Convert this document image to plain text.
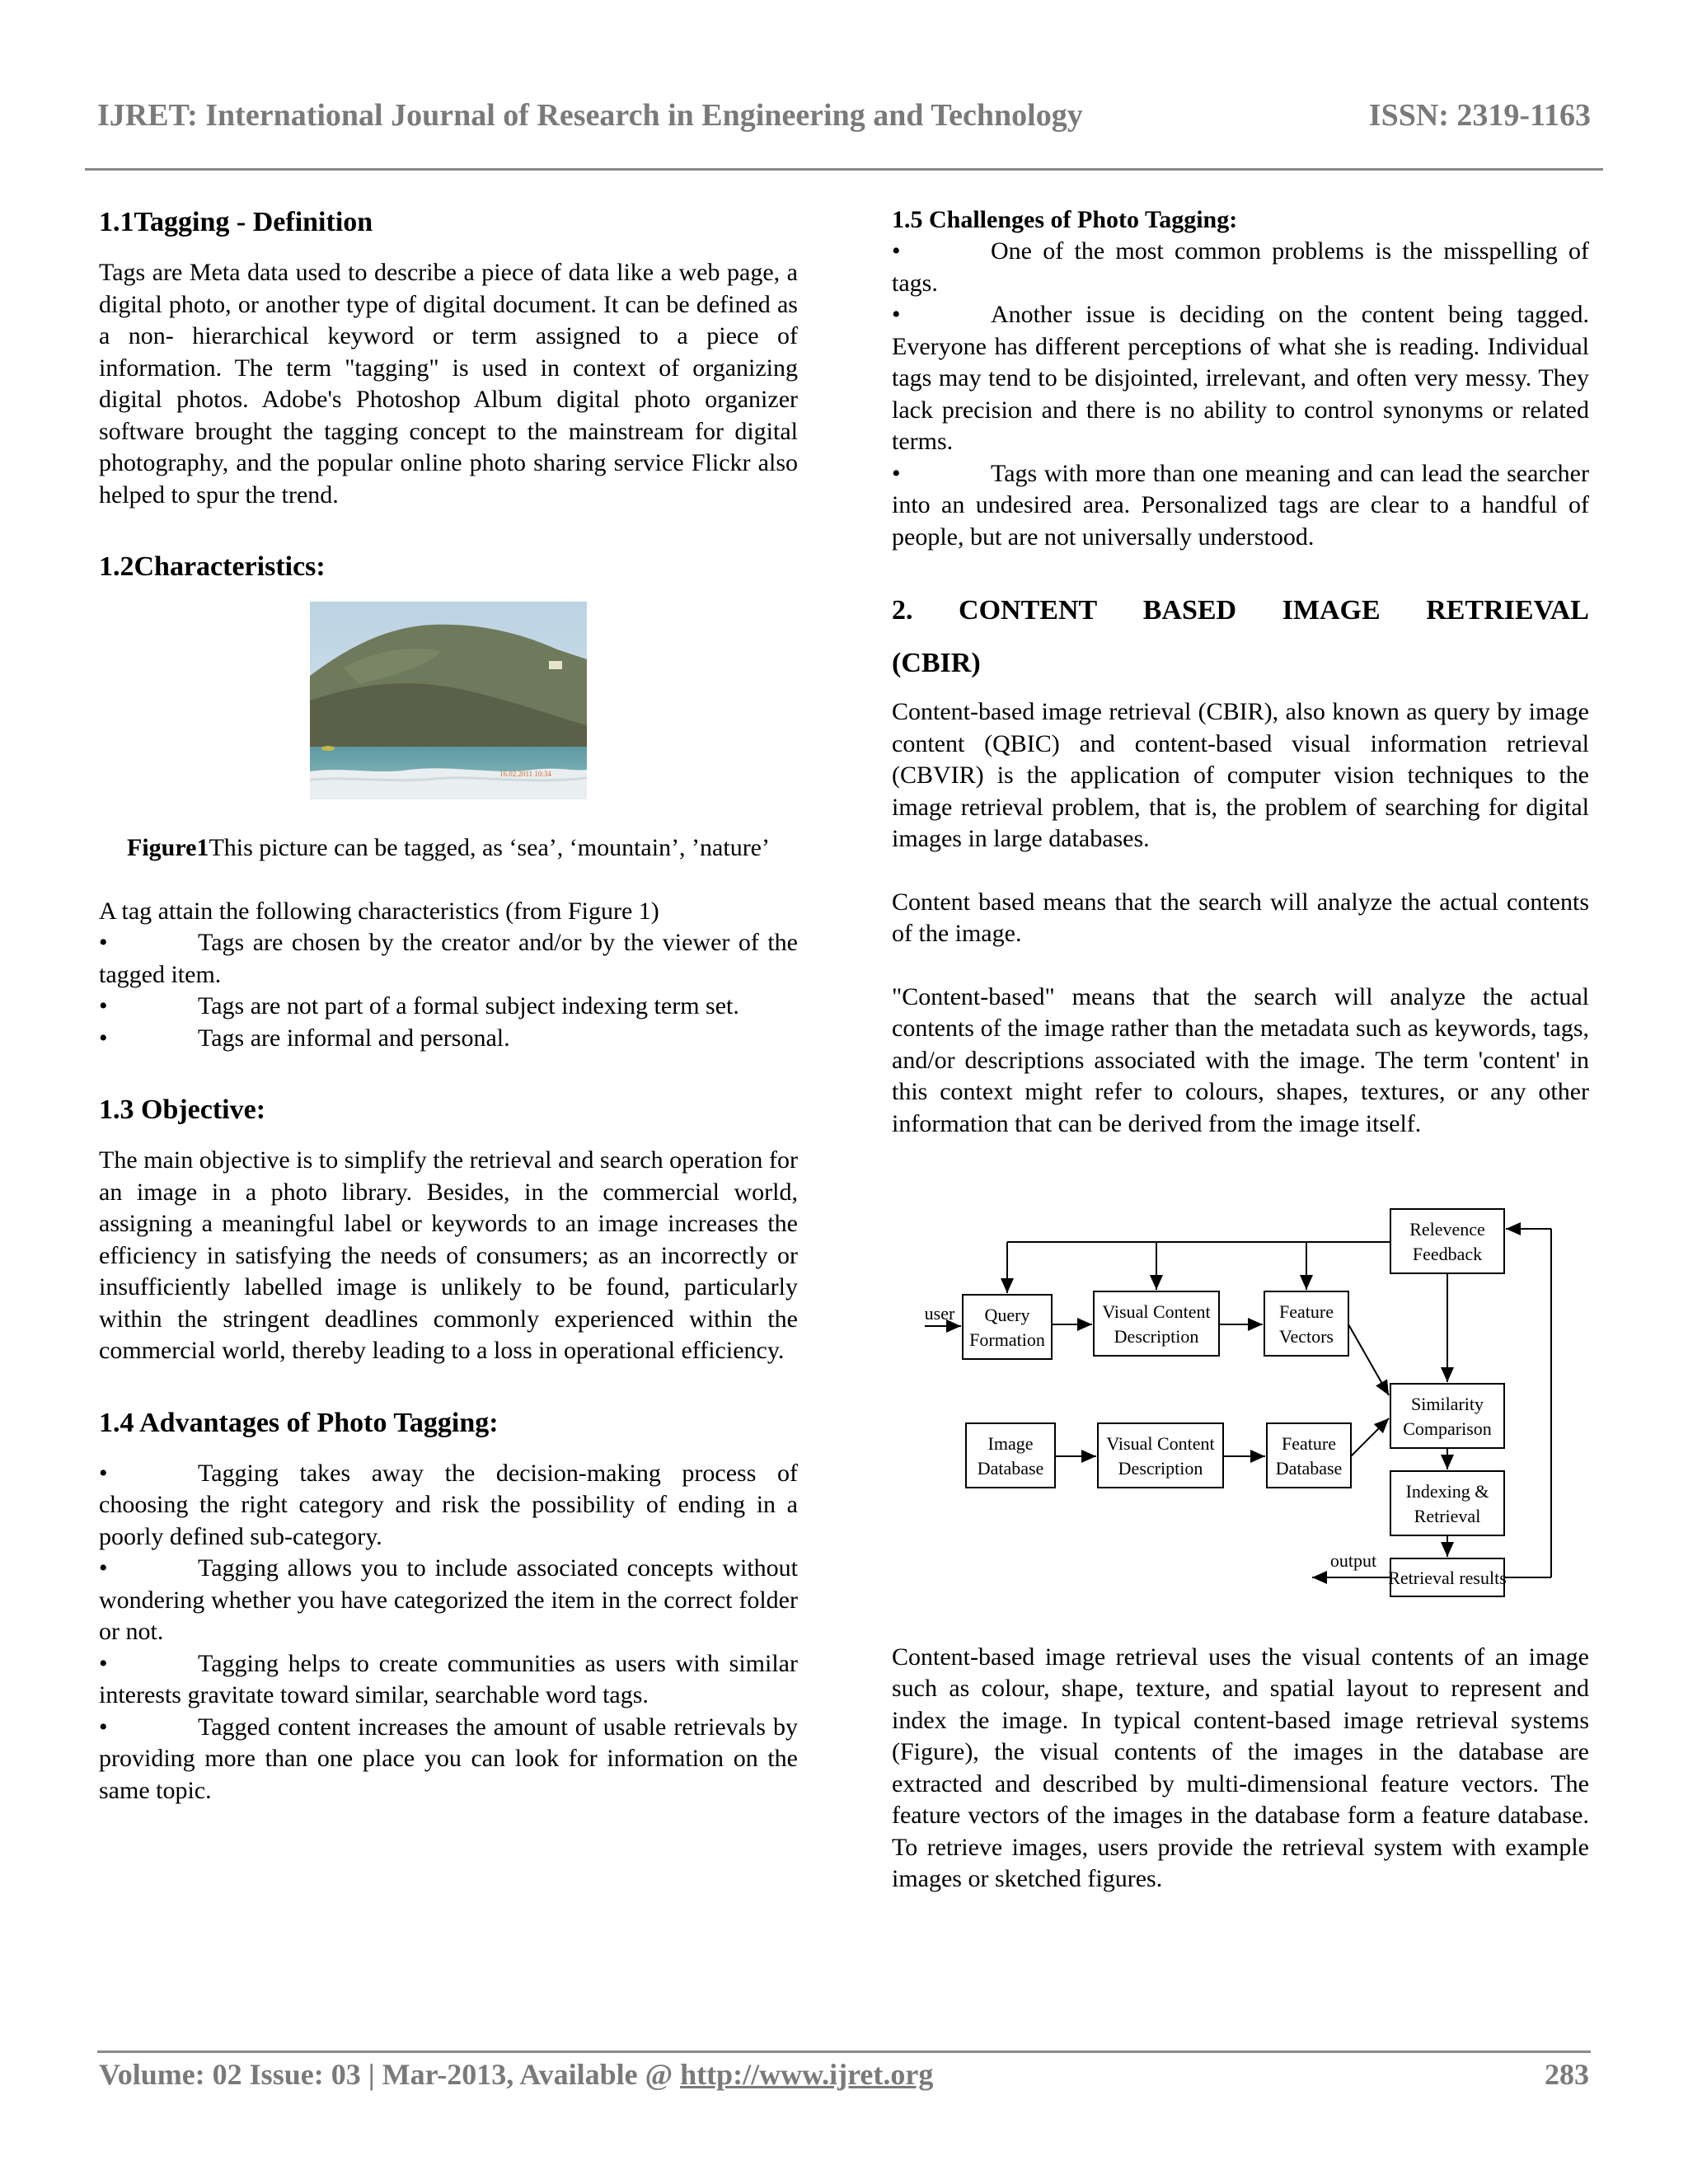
IJRET: International Journal of Research in Engineering and Technology	ISSN: 2319-1163
1.1Tagging - Definition

Tags are Meta data used to describe a piece of data like a web page, a digital photo, or another type of digital document. It can be defined as a non- hierarchical keyword or term assigned to a piece of information. The term "tagging" is used in context of organizing digital photos. Adobe's Photoshop Album digital photo organizer software brought the tagging concept to the mainstream for digital photography, and the popular online photo sharing service Flickr also helped to spur the trend.

1.2Characteristics:
16.02.2011 10:34

Figure1This picture can be tagged, as ‘sea’, ‘mountain’, ’nature’

A tag attain the following characteristics (from Figure 1)

•	Tags are chosen by the creator and/or by the viewer of the tagged item.

•	Tags are not part of a formal subject indexing term set.

•	Tags are informal and personal.

1.3 Objective:

The main objective is to simplify the retrieval and search operation for an image in a photo library. Besides, in the commercial world, assigning a meaningful label or keywords to an image increases the efficiency in satisfying the needs of consumers; as an incorrectly or insufficiently labelled image is unlikely to be found, particularly within the stringent deadlines commonly experienced within the commercial world, thereby leading to a loss in operational efficiency.

1.4 Advantages of Photo Tagging:

•	Tagging takes away the decision-making process of choosing the right category and risk the possibility of ending in a poorly defined sub-category.

•	Tagging allows you to include associated concepts without wondering whether you have categorized the item in the correct folder or not.

•	Tagging helps to create communities as users with similar interests gravitate toward similar, searchable word tags.

•	Tagged content increases the amount of usable retrievals by providing more than one place you can look for information on the same topic.

1.5 Challenges of Photo Tagging:

•	One of the most common problems is the misspelling of tags.

•	Another issue is deciding on the content being tagged. Everyone has different perceptions of what she is reading. Individual tags may tend to be disjointed, irrelevant, and often very messy. They lack precision and there is no ability to control synonyms or related terms.

•	Tags with more than one meaning and can lead the searcher into an undesired area. Personalized tags are clear to a handful of people, but are not universally understood.

2. CONTENT BASED IMAGE RETRIEVAL
(CBIR)

Content-based image retrieval (CBIR), also known as query by image content (QBIC) and content-based visual information retrieval (CBVIR) is the application of computer vision techniques to the image retrieval problem, that is, the problem of searching for digital images in large databases.

Content based means that the search will analyze the actual contents of the image.

"Content-based" means that the search will analyze the actual contents of the image rather than the metadata such as keywords, tags, and/or descriptions associated with the image. The term 'content' in this context might refer to colours, shapes, textures, or any other information that can be derived from the image itself.

Relevence
Feedback
Query
Formation
Visual Content
Description
Feature
Vectors
Similarity
Comparison
Image
Database
Visual Content
Description
Feature
Database
Indexing &
Retrieval
Retrieval results
user
output

Content-based image retrieval uses the visual contents of an image such as colour, shape, texture, and spatial layout to represent and index the image. In typical content-based image retrieval systems (Figure), the visual contents of the images in the database are extracted and described by multi-dimensional feature vectors. The feature vectors of the images in the database form a feature database. To retrieve images, users provide the retrieval system with example images or sketched figures.

Volume: 02 Issue: 03 | Mar-2013, Available @ http://www.ijret.org	283
